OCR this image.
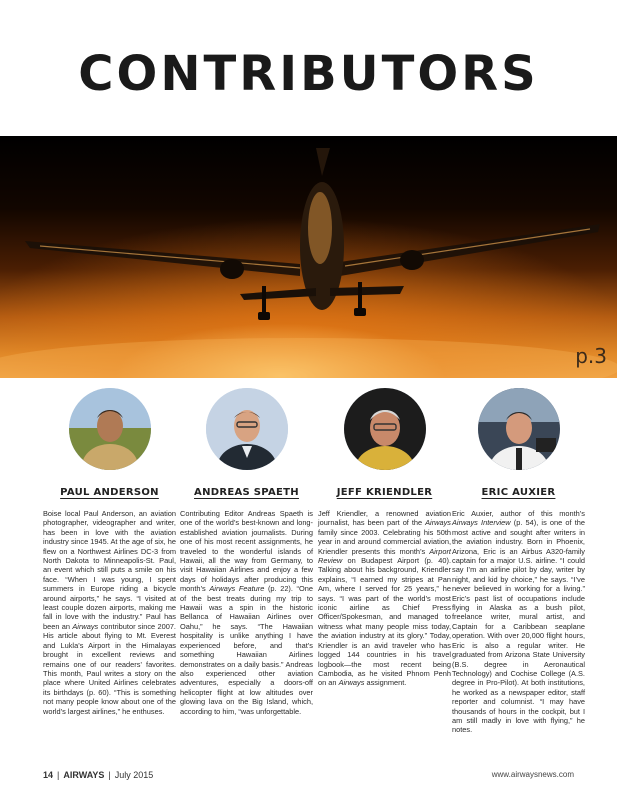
CONTRIBUTORS
p.3
PAUL ANDERSON
Boise local Paul Anderson, an aviation photographer, videographer and writer, has been in love with the aviation industry since 1945. At the age of six, he flew on a Northwest Airlines DC-3 from North Dakota to Minneapolis-St. Paul, an event which still puts a smile on his face. “When I was young, I spent summers in Europe riding a bicycle around airports,” he says. “I visited at least couple dozen airports, making me fall in love with the industry.” Paul has been an Airways contributor since 2007. His article about flying to Mt. Everest and Lukla’s Airport in the Himalayas brought in excellent reviews and remains one of our readers’ favorites. This month, Paul writes a story on the place where United Airlines celebrates its birthdays (p. 60). “This is something not many people know about one of the world’s largest airlines,” he enthuses.
ANDREAS SPAETH
Contributing Editor Andreas Spaeth is one of the world’s best-known and long-established aviation journalists. During one of his most recent assignments, he traveled to the wonderful islands of Hawaii, all the way from Germany, to visit Hawaiian Airlines and enjoy a few days of holidays after producing this month’s Airways Feature (p. 22). “One of the best treats during my trip to Hawaii was a spin in the historic Bellanca of Hawaiian Airlines over Oahu,” he says. “The Hawaiian hospitality is unlike anything I have experienced before, and that’s something Hawaiian Airlines demonstrates on a daily basis.” Andreas also experienced other aviation adventures, especially a doors-off helicopter flight at low altitudes over glowing lava on the Big Island, which, according to him, “was unforgettable.
JEFF KRIENDLER
Jeff Kriendler, a renowned aviation journalist, has been part of the Airways family since 2003. Celebrating his 50th year in and around commercial aviation, Kriendler presents this month’s Airport Review on Budapest Airport (p. 40). Talking about his background, Kriendler explains, “I earned my stripes at Pan Am, where I served for 25 years,” he says. “I was part of the world’s most iconic airline as Chief Press Officer/Spokesman, and managed to witness what many people miss today, the aviation industry at its glory.” Today, Kriendler is an avid traveler who has logged 144 countries in his travel logbook—the most recent being Cambodia, as he visited Phnom Penh on an Airways assignment.
ERIC AUXIER
Eric Auxier, author of this month’s Airways Interview (p. 54), is one of the most active and sought after writers in the aviation industry. Born in Phoenix, Arizona, Eric is an Airbus A320-family captain for a major U.S. airline. “I could say I’m an airline pilot by day, writer by night, and kid by choice,” he says. “I’ve never believed in working for a living.” Eric’s past list of occupations include flying in Alaska as a bush pilot, freelance writer, mural artist, and Captain for a Caribbean seaplane operation. With over 20,000 flight hours, Eric is also a regular writer. He graduated from Arizona State University (B.S. degree in Aeronautical Technology) and Cochise College (A.S. degree in Pro-Pilot). At both institutions, he worked as a newspaper editor, staff reporter and columnist. “I may have thousands of hours in the cockpit, but I am still madly in love with flying,” he notes.
14 | AIRWAYS | July 2015	www.airwaysnews.com
